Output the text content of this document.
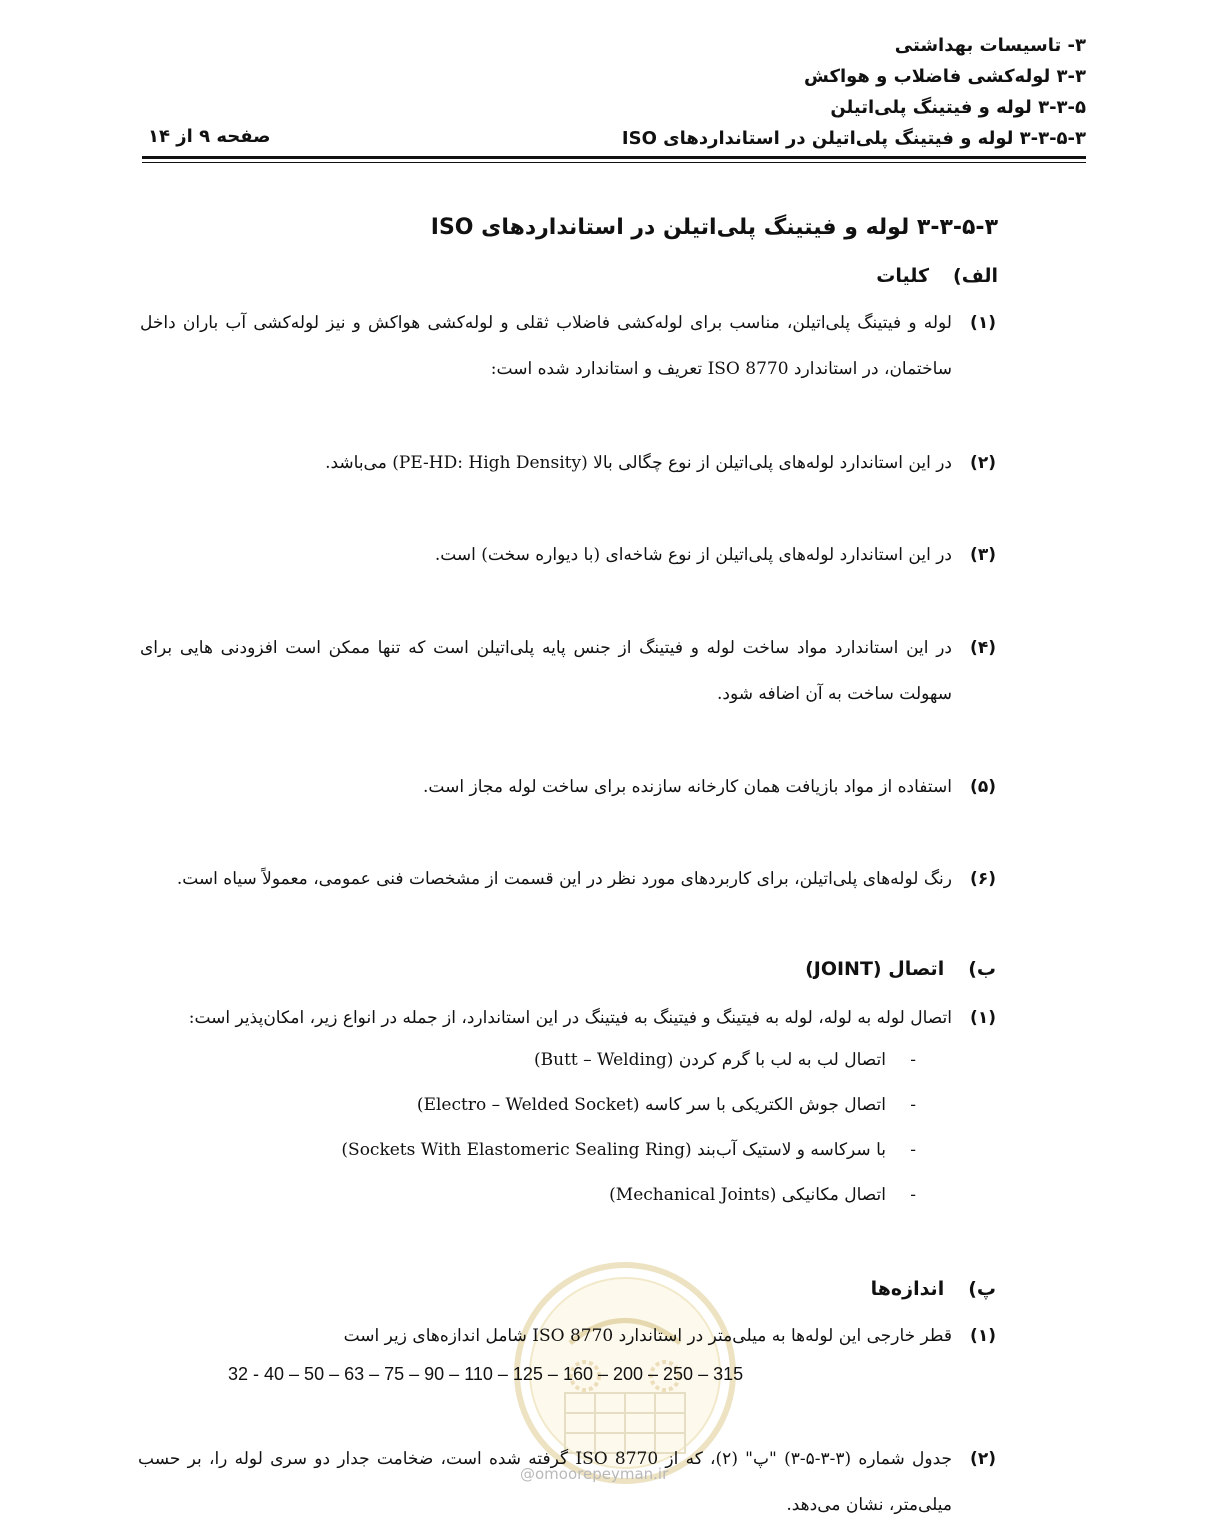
۳- تاسیسات بهداشتی
۳-۳ لوله‌کشی فاضلاب و هواکش
۳-۳-۵ لوله و فیتینگ پلی‌اتیلن
۳-۳-۵-۳ لوله و فیتینگ پلی‌اتیلن در استانداردهای ISO
صفحه ۹ از ۱۴
۳-۳-۵-۳ لوله و فیتینگ پلی‌اتیلن در استانداردهای ISO
الف)کلیات
(۱)
لوله و فیتینگ پلی‌اتیلن، مناسب برای لوله‌کشی فاضلاب ثقلی و لوله‌کشی هواکش و نیز لوله‌کشی آب باران داخل ساختمان، در استاندارد ISO 8770 تعریف و استاندارد شده است:
(۲)
در این استاندارد لوله‌های پلی‌اتیلن از نوع چگالی بالا (PE-HD: High Density) می‌باشد.
(۳)
در این استاندارد لوله‌های پلی‌اتیلن از نوع شاخه‌ای (با دیواره سخت) است.
(۴)
در این استاندارد مواد ساخت لوله و فیتینگ از جنس پایه پلی‌اتیلن است که تنها ممکن است افزودنی هایی برای سهولت ساخت به آن اضافه شود.
(۵)
استفاده از مواد بازیافت همان کارخانه سازنده برای ساخت لوله مجاز است.
(۶)
رنگ لوله‌های پلی‌اتیلن، برای کاربردهای مورد نظر در این قسمت از مشخصات فنی عمومی، معمولاً سیاه است.
ب)اتصال (JOINT)
(۱)
اتصال لوله به لوله، لوله به فیتینگ و فیتینگ به فیتینگ در این استاندارد، از جمله در انواع زیر، امکان‌پذیر است:
-
اتصال لب به لب با گرم کردن (Butt – Welding)
-
اتصال جوش الکتریکی با سر کاسه (Electro – Welded Socket)
-
با سرکاسه و لاستیک آب‌بند (Sockets With Elastomeric Sealing Ring)
-
اتصال مکانیکی (Mechanical Joints)
پ)اندازه‌ها
(۱)
قطر خارجی این لوله‌ها به میلی‌متر در استاندارد ISO 8770 شامل اندازه‌های زیر است
32 - 40 – 50 – 63 – 75 – 90 – 110 – 125 – 160 – 200 – 250 – 315
(۲)
جدول شماره (۳-۳-۵-۳) "پ" (۲)، که از ISO 8770 گرفته شده است، ضخامت جدار دو سری لوله را، بر حسب میلی‌متر، نشان می‌دهد.
@omoorepeyman.ir
